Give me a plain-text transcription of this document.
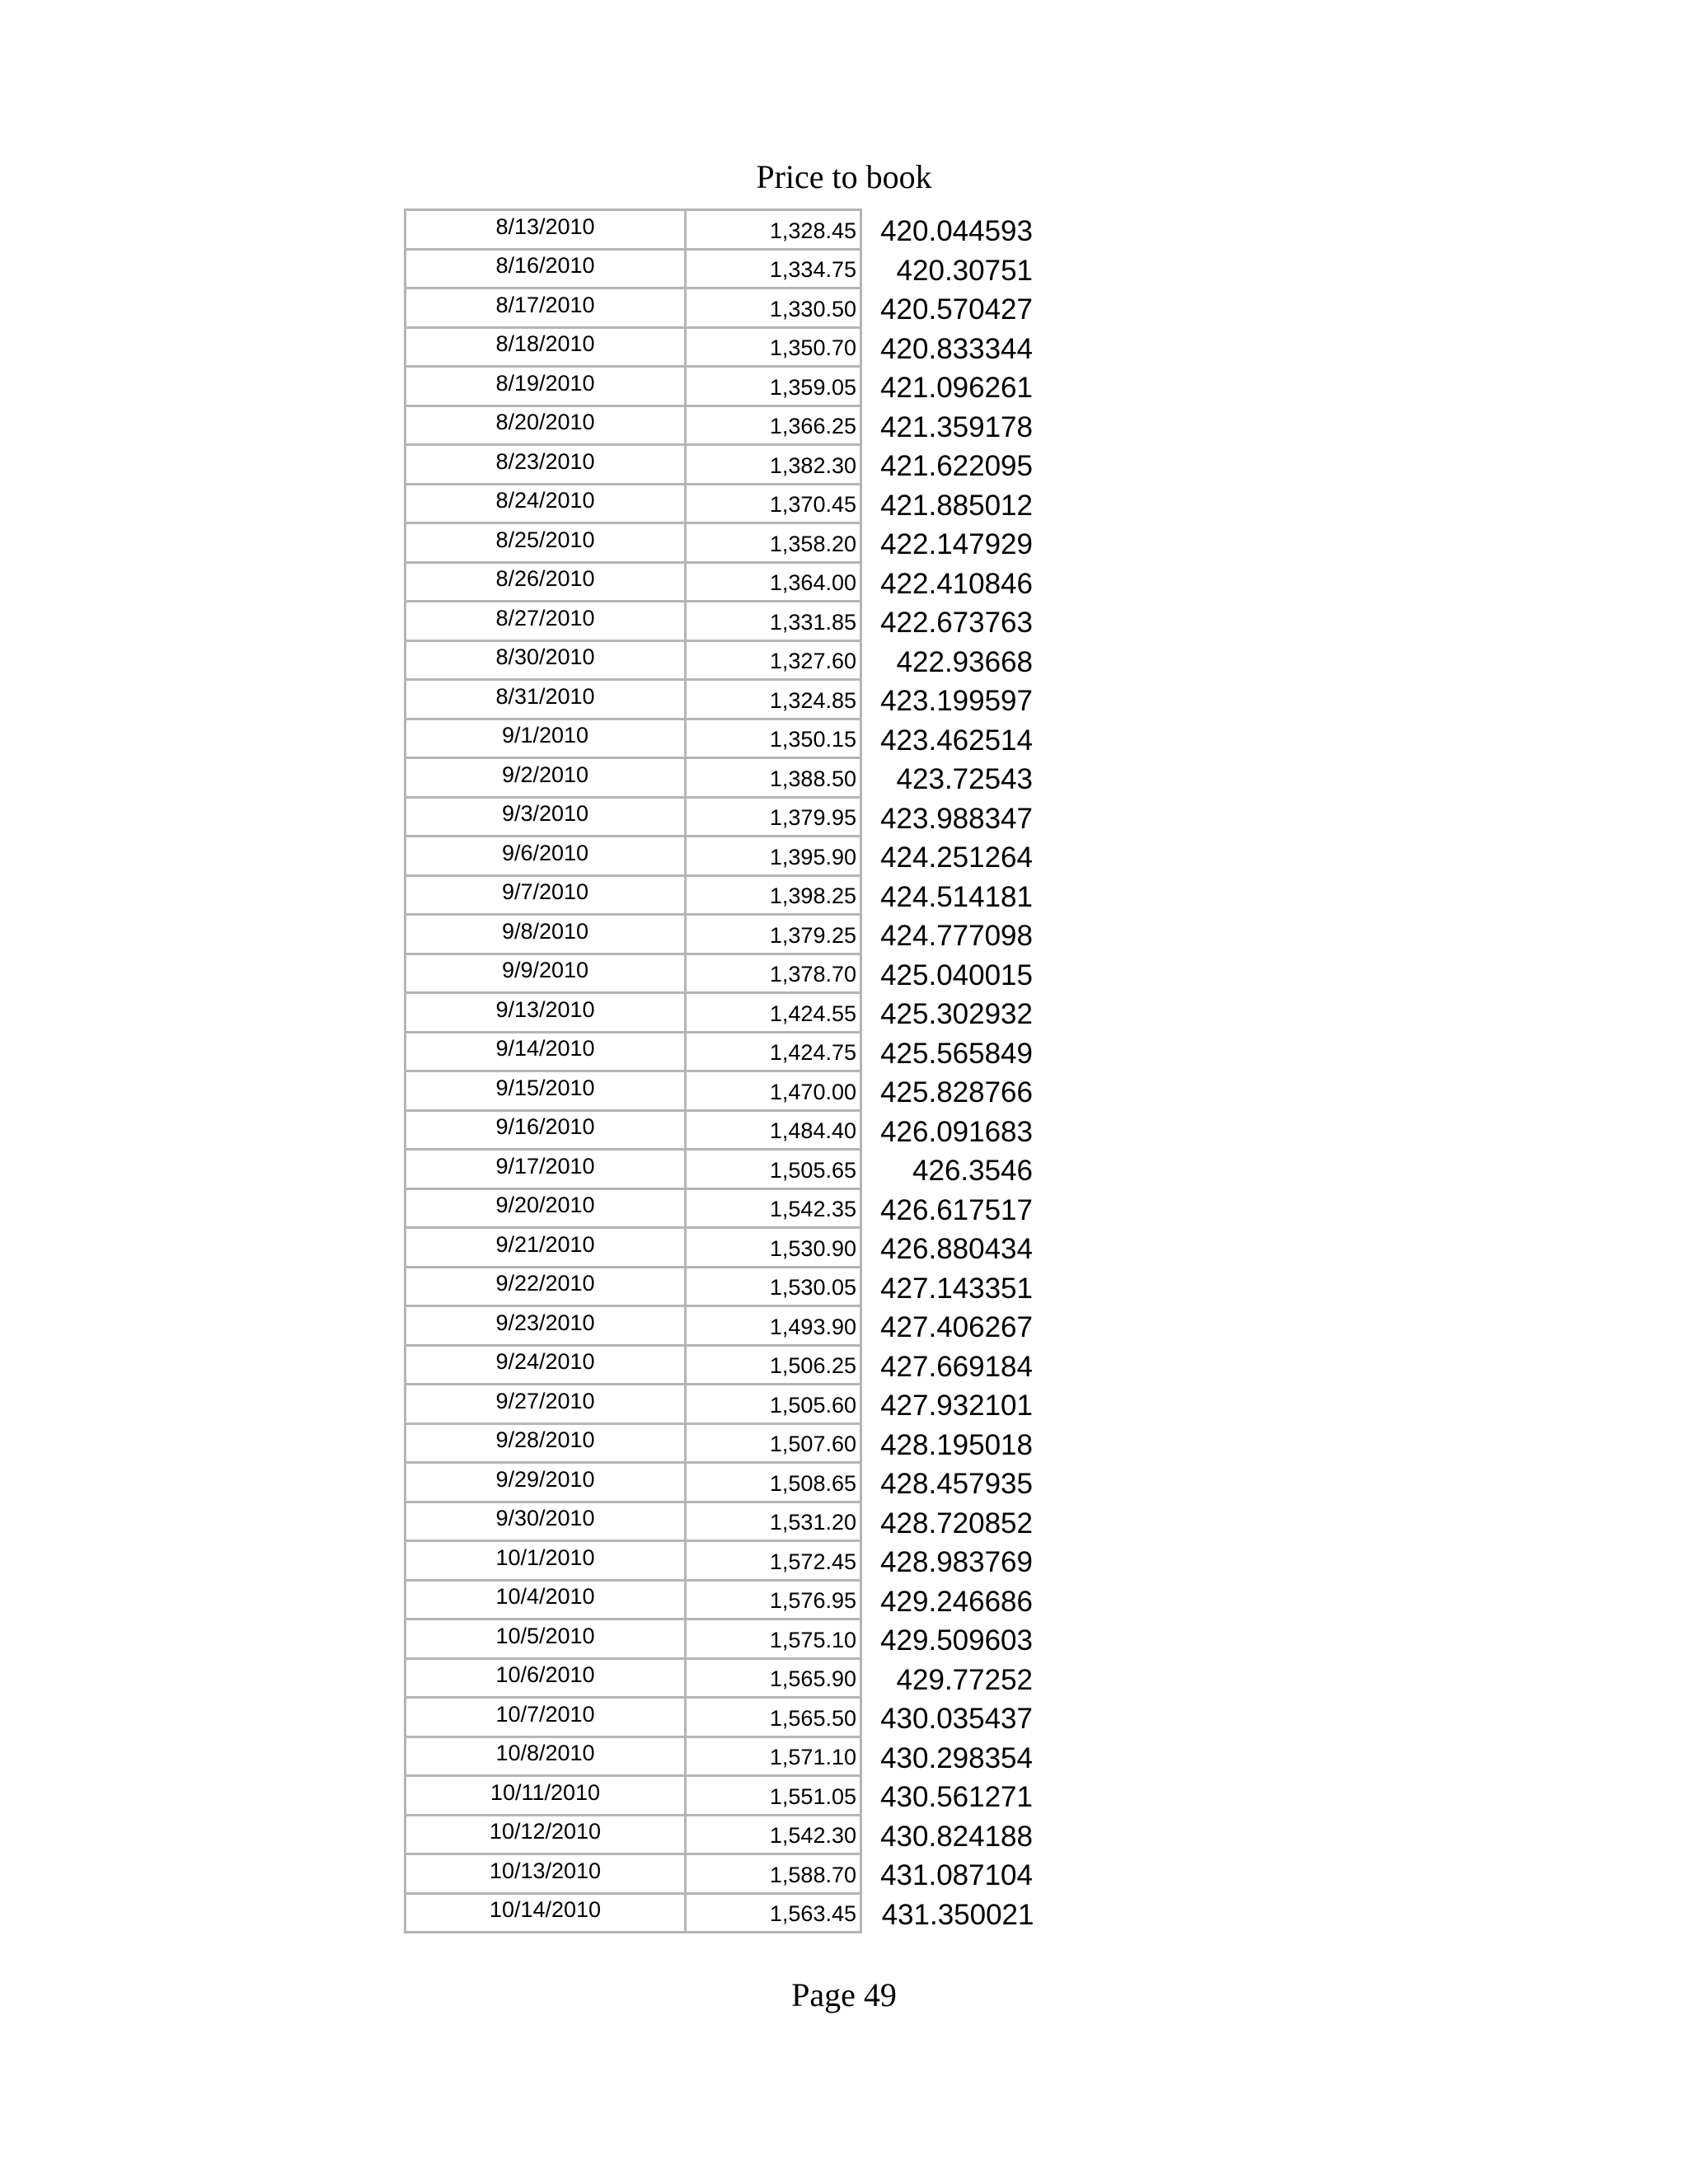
Price to book
8/13/2010	1,328.45	420.044593
8/16/2010	1,334.75	420.30751
8/17/2010	1,330.50	420.570427
8/18/2010	1,350.70	420.833344
8/19/2010	1,359.05	421.096261
8/20/2010	1,366.25	421.359178
8/23/2010	1,382.30	421.622095
8/24/2010	1,370.45	421.885012
8/25/2010	1,358.20	422.147929
8/26/2010	1,364.00	422.410846
8/27/2010	1,331.85	422.673763
8/30/2010	1,327.60	422.93668
8/31/2010	1,324.85	423.199597
9/1/2010	1,350.15	423.462514
9/2/2010	1,388.50	423.72543
9/3/2010	1,379.95	423.988347
9/6/2010	1,395.90	424.251264
9/7/2010	1,398.25	424.514181
9/8/2010	1,379.25	424.777098
9/9/2010	1,378.70	425.040015
9/13/2010	1,424.55	425.302932
9/14/2010	1,424.75	425.565849
9/15/2010	1,470.00	425.828766
9/16/2010	1,484.40	426.091683
9/17/2010	1,505.65	426.3546
9/20/2010	1,542.35	426.617517
9/21/2010	1,530.90	426.880434
9/22/2010	1,530.05	427.143351
9/23/2010	1,493.90	427.406267
9/24/2010	1,506.25	427.669184
9/27/2010	1,505.60	427.932101
9/28/2010	1,507.60	428.195018
9/29/2010	1,508.65	428.457935
9/30/2010	1,531.20	428.720852
10/1/2010	1,572.45	428.983769
10/4/2010	1,576.95	429.246686
10/5/2010	1,575.10	429.509603
10/6/2010	1,565.90	429.77252
10/7/2010	1,565.50	430.035437
10/8/2010	1,571.10	430.298354
10/11/2010	1,551.05	430.561271
10/12/2010	1,542.30	430.824188
10/13/2010	1,588.70	431.087104
10/14/2010	1,563.45	431.350021
Page 49
